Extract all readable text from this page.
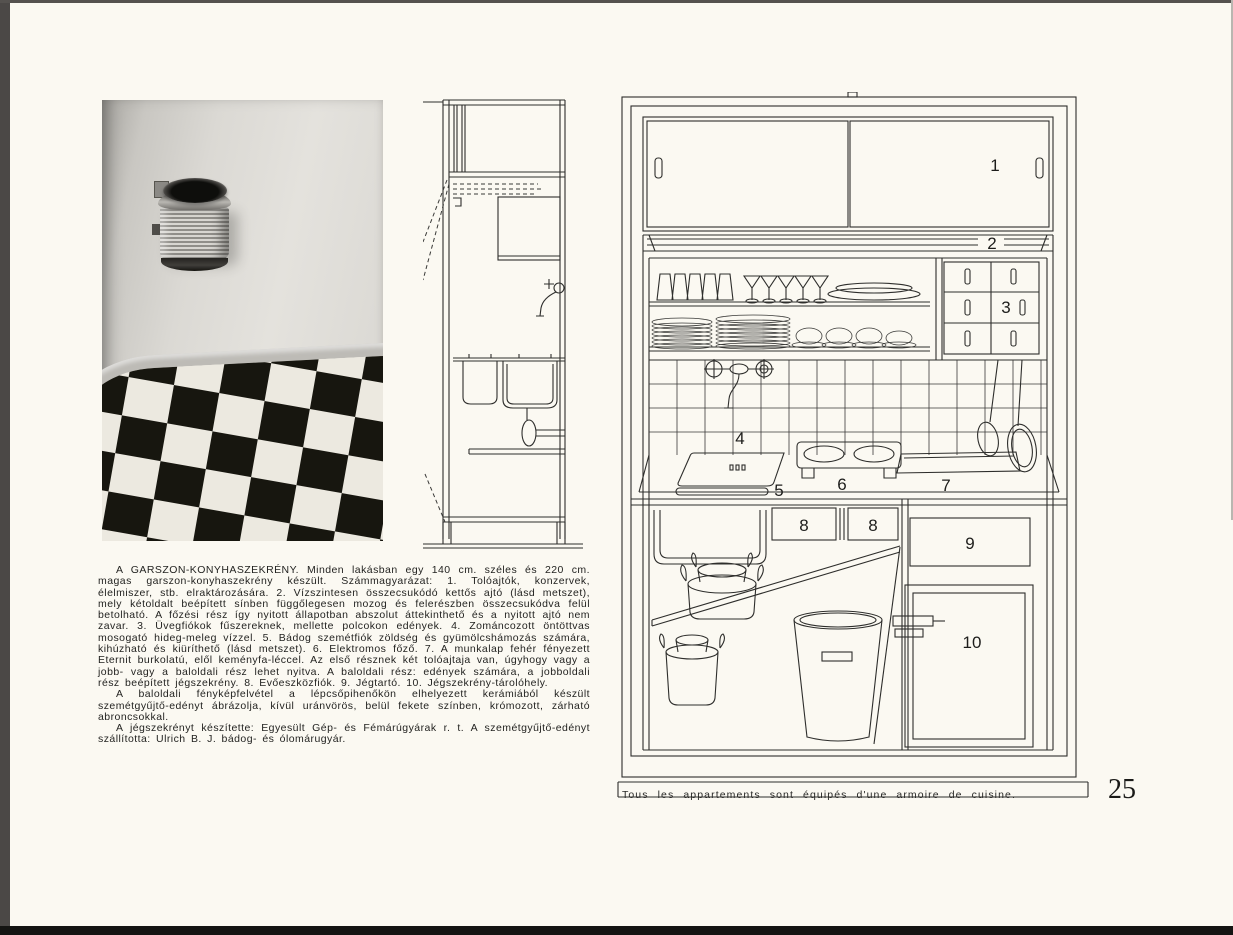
1
2
3
4
5	6	7
8	8
9
10

A GARSZON-KONYHASZEKRÉNY. Minden lakásban egy 140 cm. széles és 220 cm. magas garszon-konyhaszekrény készült. Számmagyarázat: 1. Tolóajtók, konzervek, élelmiszer, stb. elraktározására. 2. Vízszintesen összecsukódó kettős ajtó (lásd metszet), mely kétoldalt beépített sínben függőlegesen mozog és felerészben összecsukódva felül betolható. A főzési rész így nyitott állapotban abszolut áttekinthető és a nyitott ajtó nem zavar. 3. Üvegfiókok fűszereknek, mellette polcokon edények. 4. Zománcozott öntöttvas mosogató hideg-meleg vízzel. 5. Bádog szemétfiók zöldség és gyümölcshámozás számára, kihúzható és kiüríthető (lásd metszet). 6. Elektromos főző. 7. A munkalap fehér fényezett Eternit burkolatú, elől keményfa-léccel. Az első résznek két tolóajtaja van, úgyhogy vagy a jobb- vagy a baloldali rész lehet nyitva. A baloldali rész: edények számára, a jobboldali rész beépített jégszekrény. 8. Evőeszközfiók. 9. Jégtartó. 10. Jégszekrény-tárolóhely.

A baloldali fényképfelvétel a lépcsőpihenőkön elhelyezett kerámiából készült szemétgyűjtő-edényt ábrázolja, kívül uránvörös, belül fekete színben, krómozott, zárható abroncsokkal.

A jégszekrényt készítette: Egyesült Gép- és Fémárúgyárak r. t. A szemétgyűjtő-edényt szállította: Ulrich B. J. bádog- és ólomárugyár.

Tous les appartements sont équipés d'une armoire de cuisine.	25
